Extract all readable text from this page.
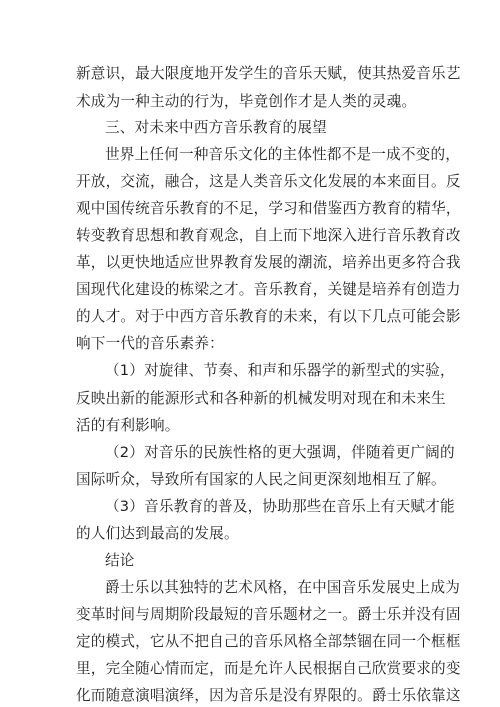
新意识，最大限度地开发学生的音乐天赋，使其热爱音乐艺
术成为一种主动的行为，毕竟创作才是人类的灵魂。
三、对未来中西方音乐教育的展望
世界上任何一种音乐文化的主体性都不是一成不变的，
开放，交流，融合，这是人类音乐文化发展的本来面目。反
观中国传统音乐教育的不足，学习和借鉴西方教育的精华，
转变教育思想和教育观念，自上而下地深入进行音乐教育改
革，以更快地适应世界教育发展的潮流，培养出更多符合我
国现代化建设的栋梁之才。音乐教育，关键是培养有创造力
的人才。对于中西方音乐教育的未来，有以下几点可能会影
响下一代的音乐素养：
（1）对旋律、节奏、和声和乐器学的新型式的实验，
反映出新的能源形式和各种新的机械发明对现在和未来生
活的有利影响。
（2）对音乐的民族性格的更大强调，伴随着更广阔的
国际听众，导致所有国家的人民之间更深刻地相互了解。
（3）音乐教育的普及，协助那些在音乐上有天赋才能
的人们达到最高的发展。
结论
爵士乐以其独特的艺术风格，在中国音乐发展史上成为
变革时间与周期阶段最短的音乐题材之一。爵士乐并没有固
定的模式，它从不把自己的音乐风格全部禁锢在同一个框框
里，完全随心情而定，而是允许人民根据自己欣赏要求的变
化而随意演唱演绎，因为音乐是没有界限的。爵士乐依靠这
